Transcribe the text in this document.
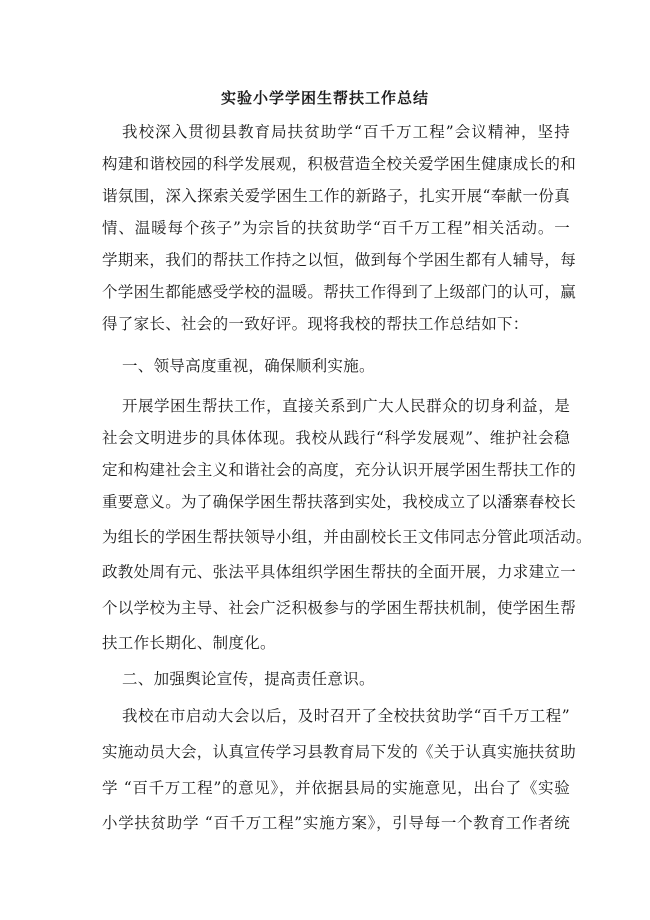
实验小学学困生帮扶工作总结
我校深入贯彻县教育局扶贫助学“百千万工程”会议精神，坚持
构建和谐校园的科学发展观，积极营造全校关爱学困生健康成长的和
谐氛围，深入探索关爱学困生工作的新路子，扎实开展“奉献一份真
情、温暖每个孩子”为宗旨的扶贫助学“百千万工程”相关活动。一
学期来，我们的帮扶工作持之以恒，做到每个学困生都有人辅导，每
个学困生都能感受学校的温暖。帮扶工作得到了上级部门的认可，赢
得了家长、社会的一致好评。现将我校的帮扶工作总结如下：
一、领导高度重视，确保顺利实施。
开展学困生帮扶工作，直接关系到广大人民群众的切身利益，是
社会文明进步的具体体现。我校从践行“科学发展观”、维护社会稳
定和构建社会主义和谐社会的高度，充分认识开展学困生帮扶工作的
重要意义。为了确保学困生帮扶落到实处，我校成立了以潘寨春校长
为组长的学困生帮扶领导小组，并由副校长王文伟同志分管此项活动。
政教处周有元、张法平具体组织学困生帮扶的全面开展，力求建立一
个以学校为主导、社会广泛积极参与的学困生帮扶机制，使学困生帮
扶工作长期化、制度化。
二、加强舆论宣传，提高责任意识。
我校在市启动大会以后，及时召开了全校扶贫助学“百千万工程”
实施动员大会，认真宣传学习县教育局下发的《关于认真实施扶贫助
学 “百千万工程”的意见》，并依据县局的实施意见，出台了《实验
小学扶贫助学 “百千万工程”实施方案》，引导每一个教育工作者统
